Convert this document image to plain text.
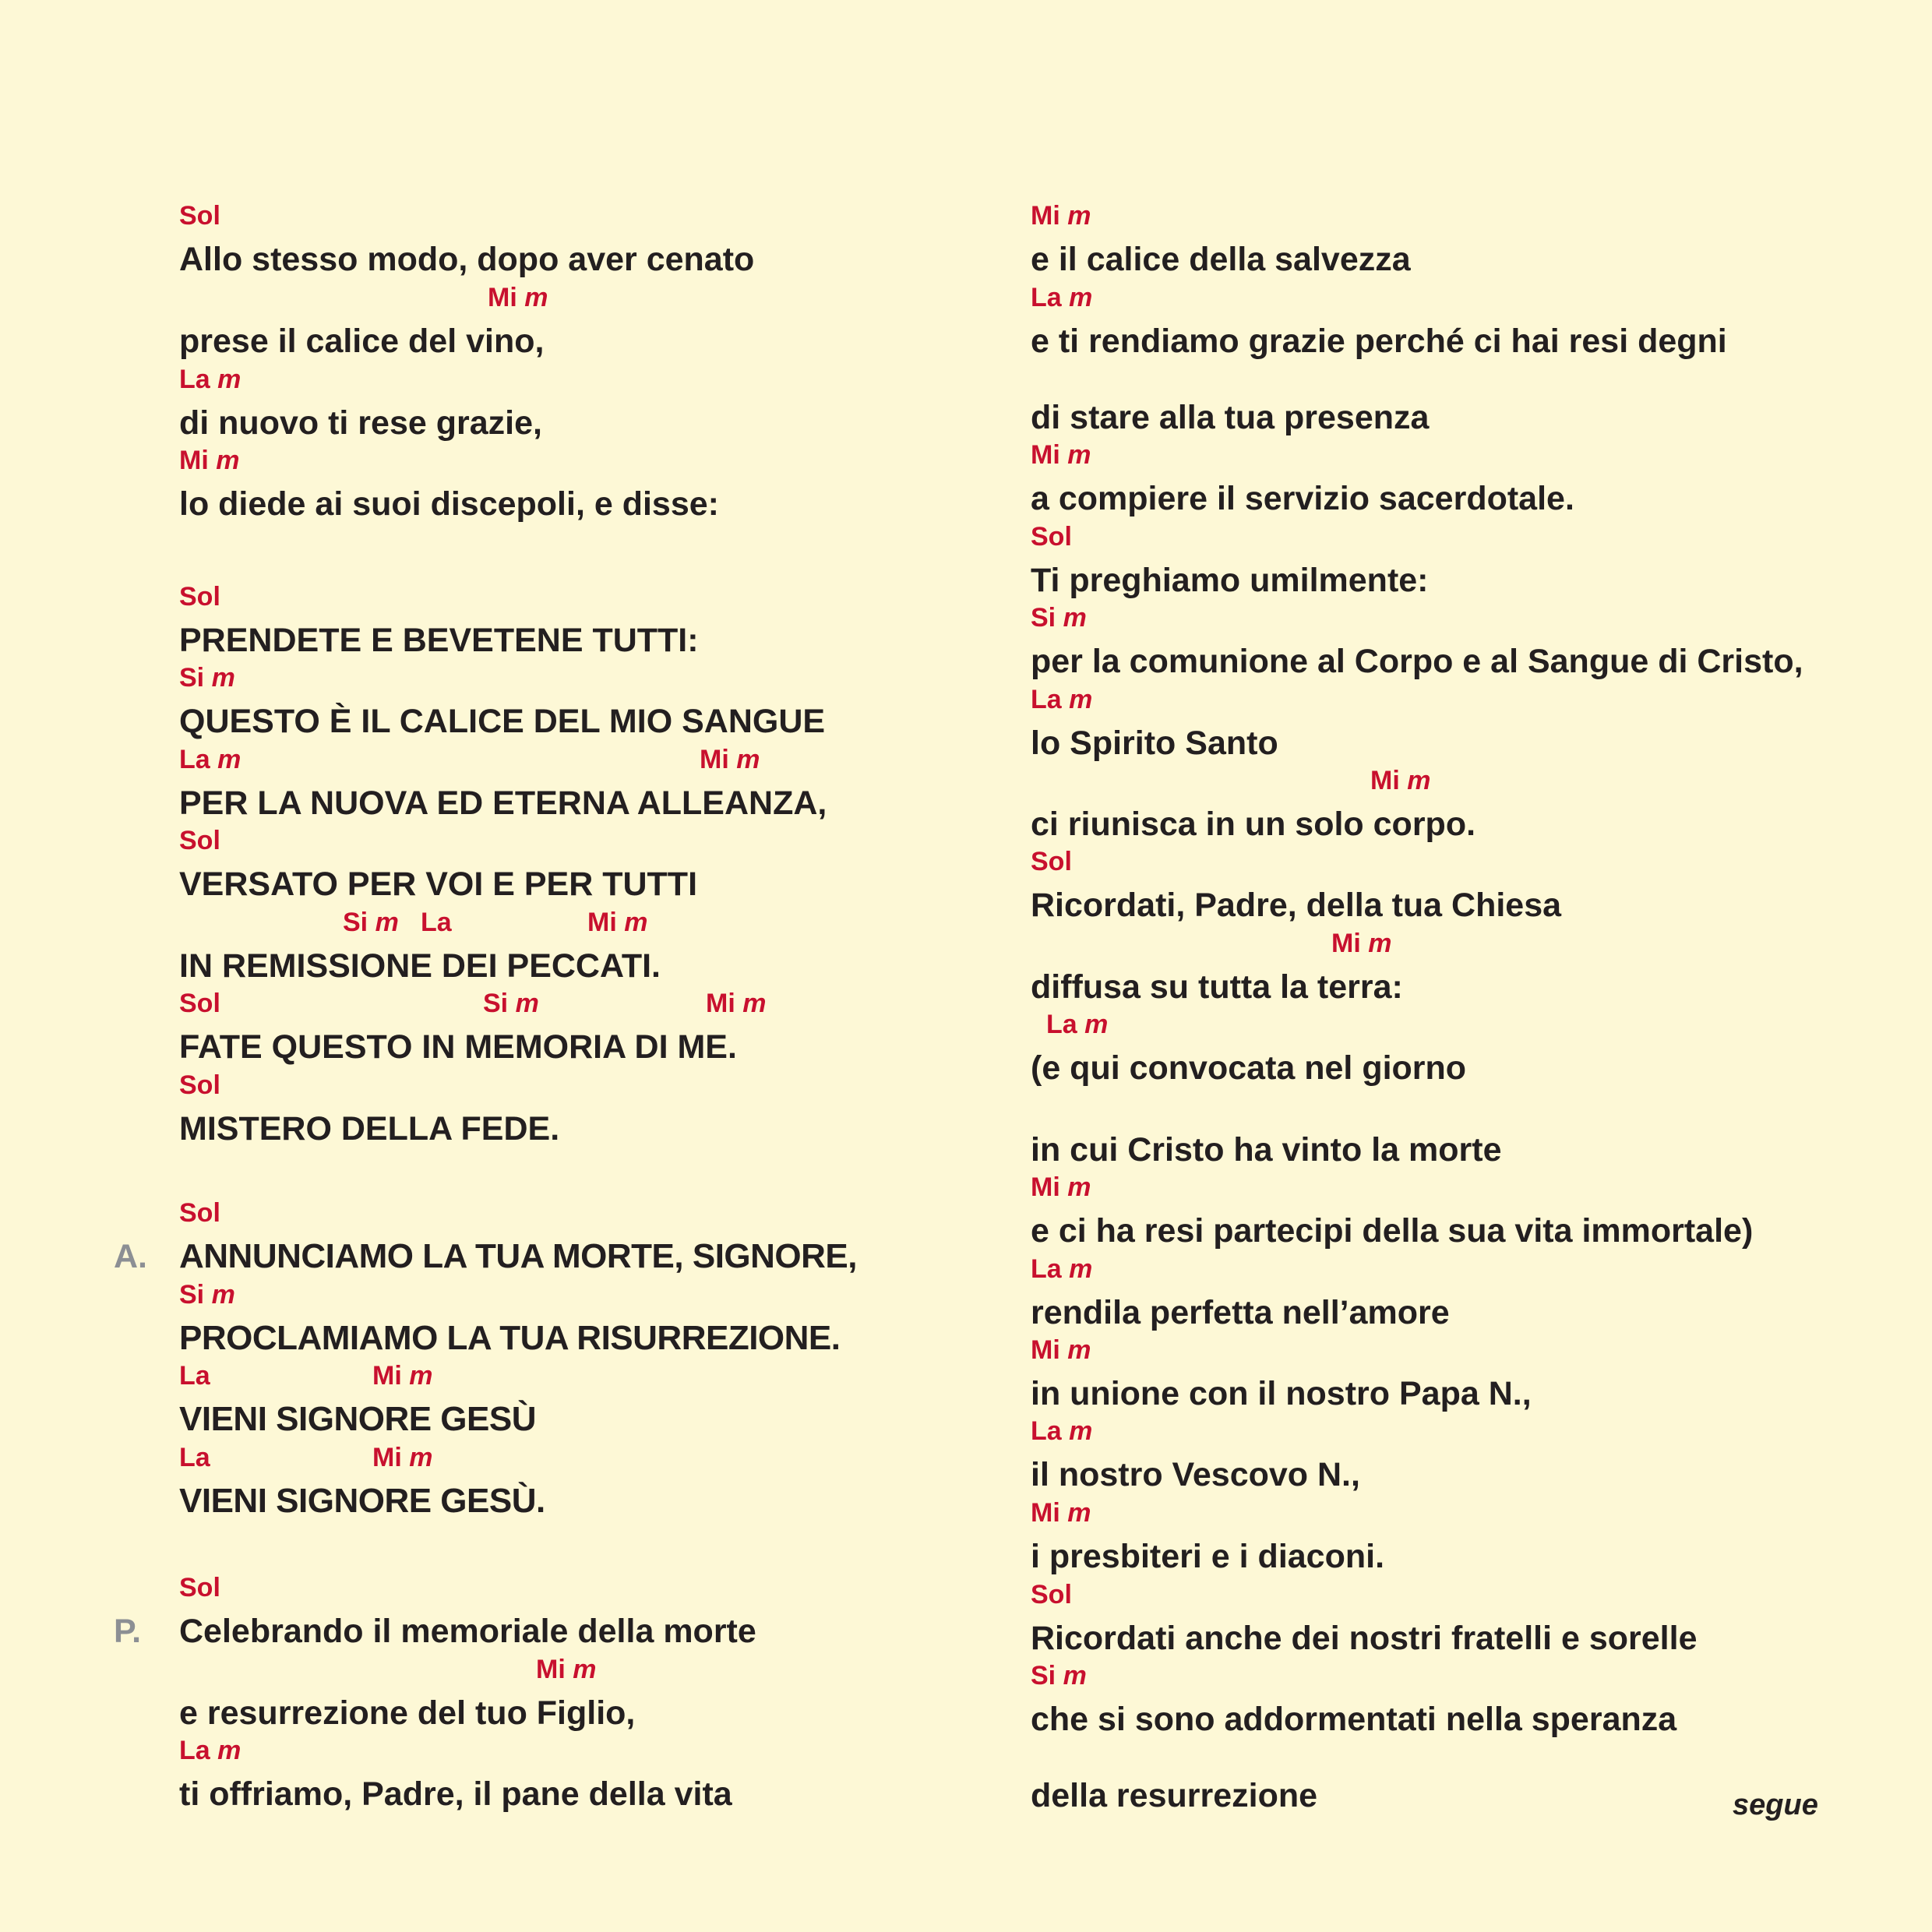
Sol
Allo stesso modo, dopo aver cenato
Mi m
prese il calice del vino,
La m
di nuovo ti rese grazie,
Mi m
lo diede ai suoi discepoli, e disse:
Sol
PRENDETE E BEVETENE TUTTI:
Si m
QUESTO È IL CALICE DEL MIO SANGUE
La m	Mi m
PER LA NUOVA ED ETERNA ALLEANZA,
Sol
VERSATO PER VOI E PER TUTTI
Si m La	Mi m
IN REMISSIONE DEI PECCATI.
Sol	Si m	Mi m
FATE QUESTO IN MEMORIA DI ME.
Sol
MISTERO DELLA FEDE.
Sol
A. ANNUNCIAMO LA TUA MORTE, SIGNORE,
Si m
PROCLAMIAMO LA TUA RISURREZIONE.
La	Mi m
VIENI SIGNORE GESÙ
La	Mi m
VIENI SIGNORE GESÙ.
Sol
P. Celebrando il memoriale della morte
Mi m
e resurrezione del tuo Figlio,
La m
ti offriamo, Padre, il pane della vita
Mi m
e il calice della salvezza
La m
e ti rendiamo grazie perché ci hai resi degni
di stare alla tua presenza
Mi m
a compiere il servizio sacerdotale.
Sol
Ti preghiamo umilmente:
Si m
per la comunione al Corpo e al Sangue di Cristo,
La m
lo Spirito Santo
Mi m
ci riunisca in un solo corpo.
Sol
Ricordati, Padre, della tua Chiesa
Mi m
diffusa su tutta la terra:
La m
(e qui convocata nel giorno
in cui Cristo ha vinto la morte
Mi m
e ci ha resi partecipi della sua vita immortale)
La m
rendila perfetta nell’amore
Mi m
in unione con il nostro Papa N.,
La m
il nostro Vescovo N.,
Mi m
i presbiteri e i diaconi.
Sol
Ricordati anche dei nostri fratelli e sorelle
Si m
che si sono addormentati nella speranza
della resurrezione	segue
